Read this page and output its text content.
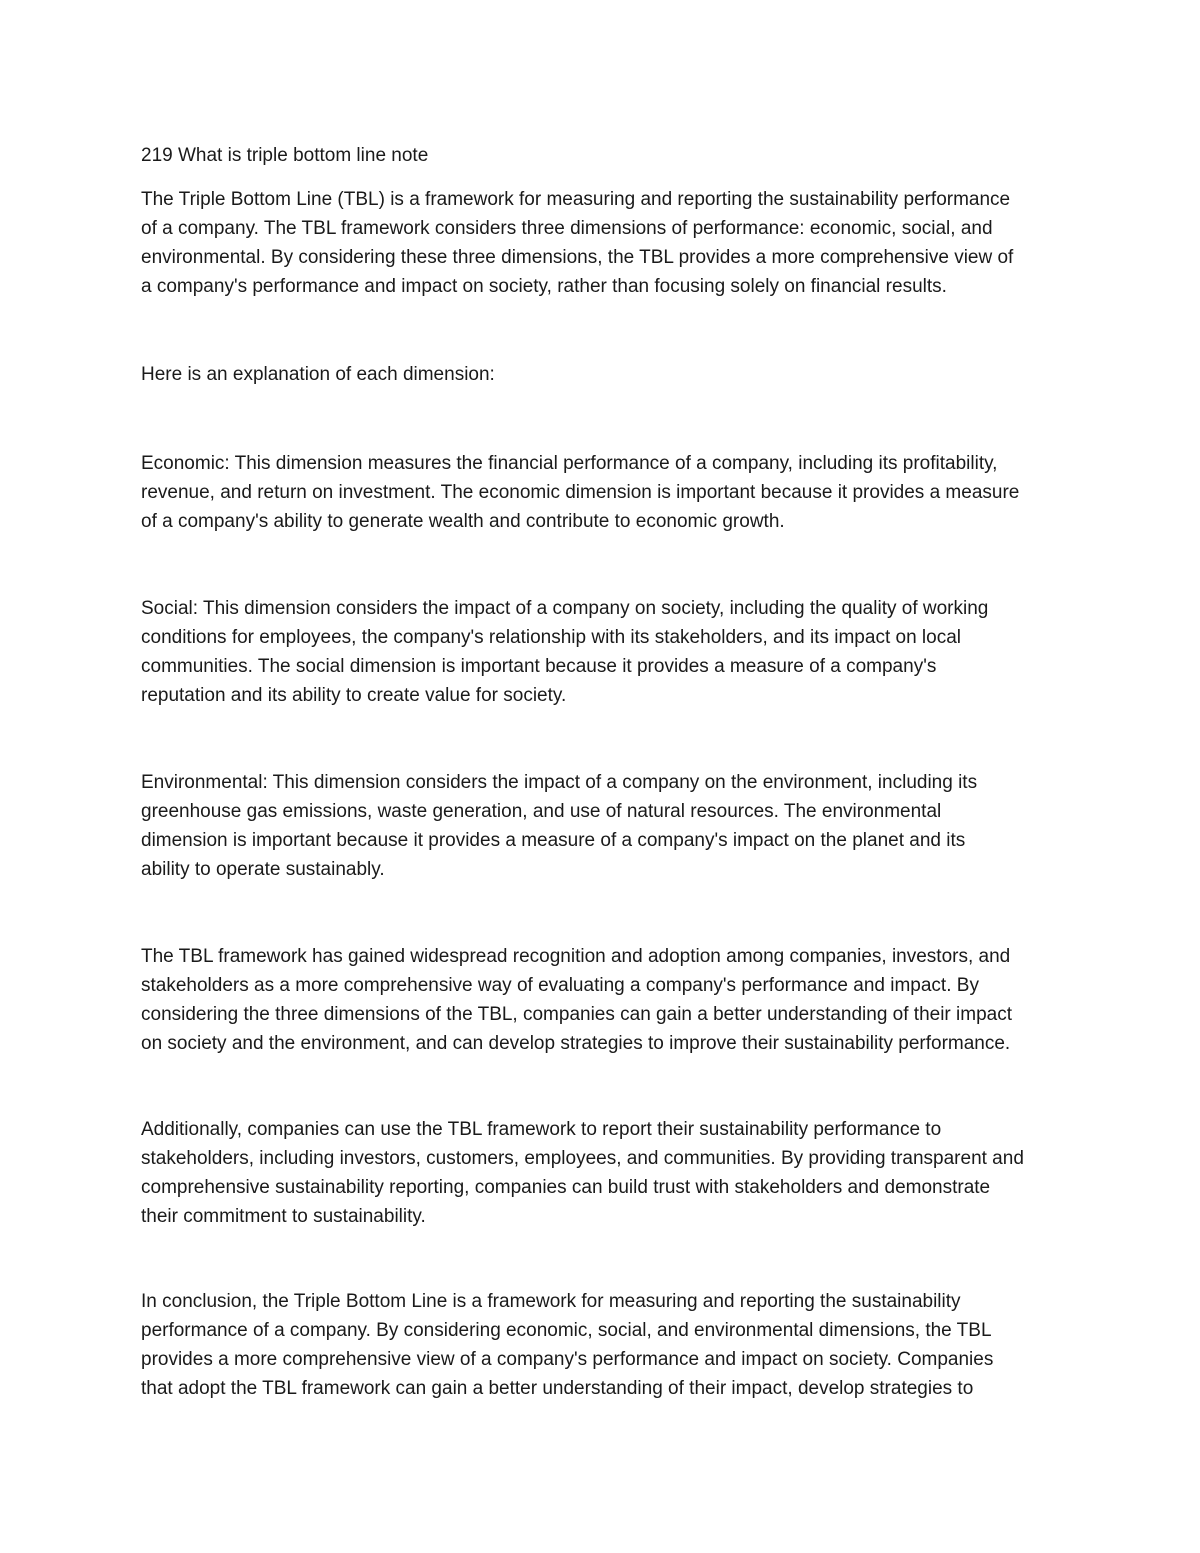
219 What is triple bottom line note

The Triple Bottom Line (TBL) is a framework for measuring and reporting the sustainability performance
of a company. The TBL framework considers three dimensions of performance: economic, social, and
environmental. By considering these three dimensions, the TBL provides a more comprehensive view of
a company's performance and impact on society, rather than focusing solely on financial results.

Here is an explanation of each dimension:

Economic: This dimension measures the financial performance of a company, including its profitability,
revenue, and return on investment. The economic dimension is important because it provides a measure
of a company's ability to generate wealth and contribute to economic growth.

Social: This dimension considers the impact of a company on society, including the quality of working
conditions for employees, the company's relationship with its stakeholders, and its impact on local
communities. The social dimension is important because it provides a measure of a company's
reputation and its ability to create value for society.

Environmental: This dimension considers the impact of a company on the environment, including its
greenhouse gas emissions, waste generation, and use of natural resources. The environmental
dimension is important because it provides a measure of a company's impact on the planet and its
ability to operate sustainably.

The TBL framework has gained widespread recognition and adoption among companies, investors, and
stakeholders as a more comprehensive way of evaluating a company's performance and impact. By
considering the three dimensions of the TBL, companies can gain a better understanding of their impact
on society and the environment, and can develop strategies to improve their sustainability performance.

Additionally, companies can use the TBL framework to report their sustainability performance to
stakeholders, including investors, customers, employees, and communities. By providing transparent and
comprehensive sustainability reporting, companies can build trust with stakeholders and demonstrate
their commitment to sustainability.

In conclusion, the Triple Bottom Line is a framework for measuring and reporting the sustainability
performance of a company. By considering economic, social, and environmental dimensions, the TBL
provides a more comprehensive view of a company's performance and impact on society. Companies
that adopt the TBL framework can gain a better understanding of their impact, develop strategies to
